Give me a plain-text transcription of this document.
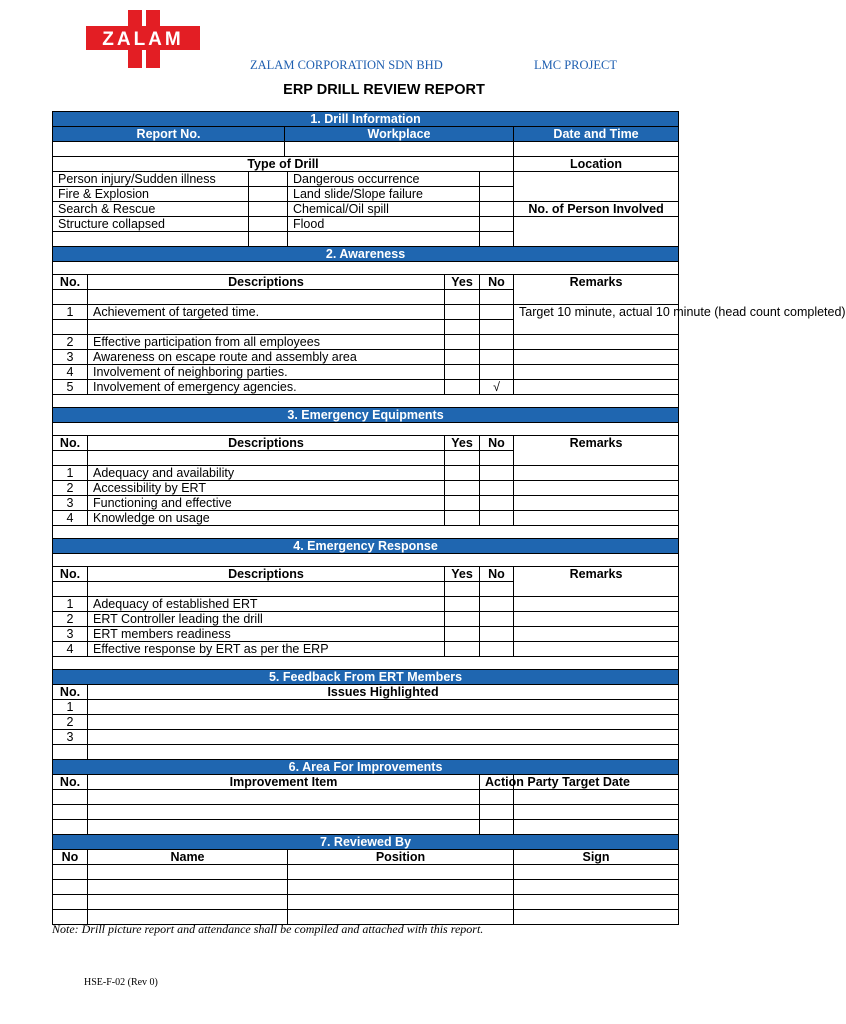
ZALAM
ZALAM CORPORATION SDN BHD	LMC PROJECT
ERP DRILL REVIEW REPORT
1. Drill Information							
Report No.			Workplace				Date and Time

Type of Drill							Location
Person injury/Sudden illness				Dangerous occurrence			
Fire & Explosion				Land slide/Slope failure			
Search & Rescue				Chemical/Oil spill			No. of Person Involved
Structure collapsed				Flood			

2. Awareness							

No.	Descriptions				Yes	No	Remarks

1	Achievement of targeted time.						Target 10 minute, actual 10 minute (head count completed)

2	Effective participation from all employees						
3	Awareness on escape route and assembly area						
4	Involvement of neighboring parties.						
5	Involvement of emergency agencies.					√	

3. Emergency Equipments							

No.	Descriptions				Yes	No	Remarks

1	Adequacy and availability						
2	Accessibility by ERT						
3	Functioning and effective						
4	Knowledge on usage						

4. Emergency Response							

No.	Descriptions				Yes	No	Remarks

1	Adequacy of established ERT						
2	ERT Controller leading the drill						
3	ERT members readiness						
4	Effective response by ERT as per the ERP						

5. Feedback From ERT Members							
No.	Issues Highlighted						
1							
2							
3							

6. Area For Improvements							
No.	Improvement Item					Action Party	Target Date

7. Reviewed By							
No	Name			Position			Sign

Note: Drill picture report and attendance shall be compiled and attached with this report.
HSE-F-02 (Rev 0)
